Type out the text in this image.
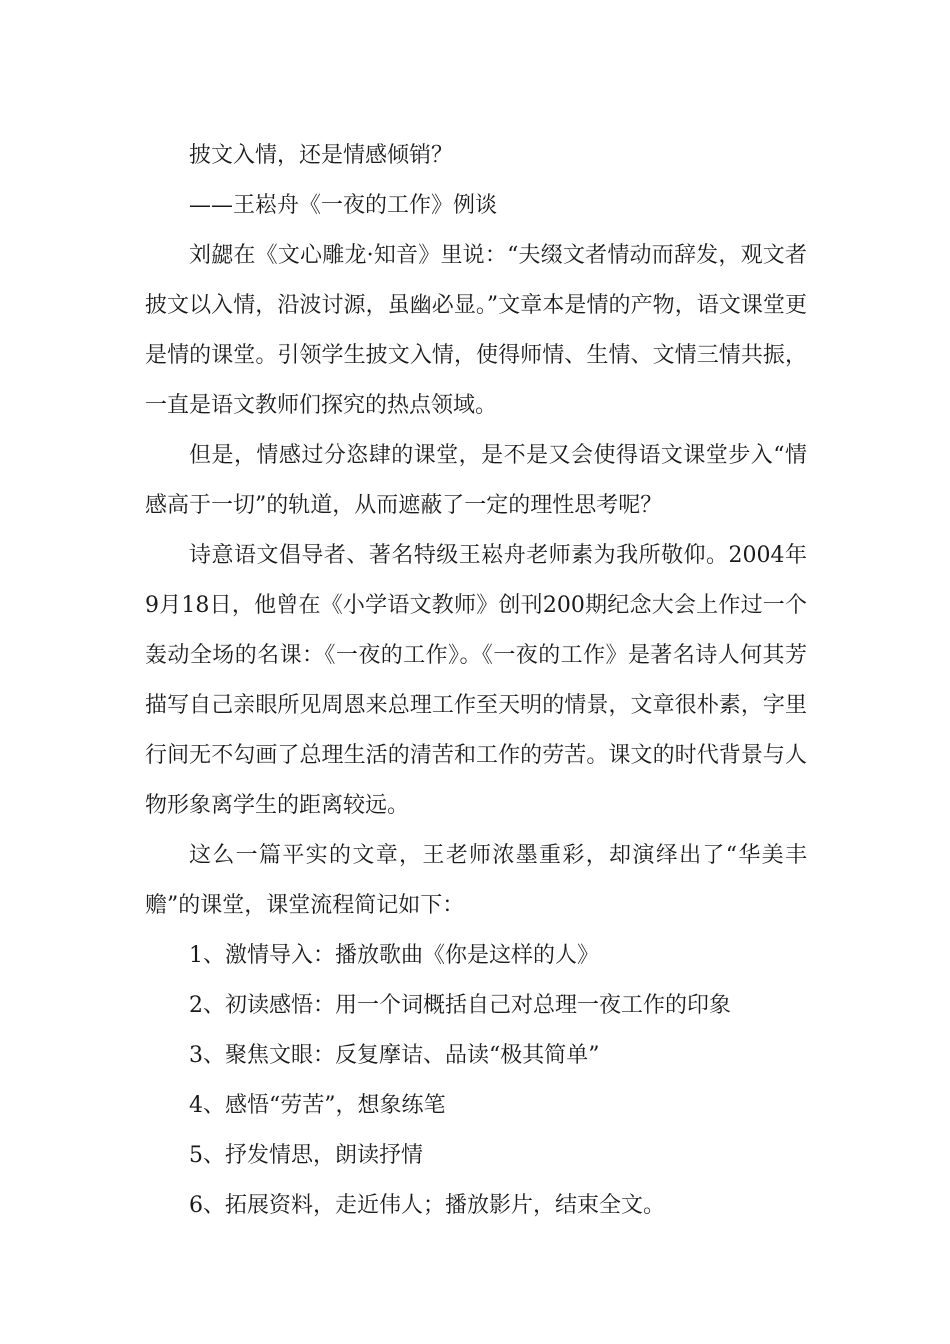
披文入情，还是情感倾销？

——王崧舟《一夜的工作》例谈

刘勰在《文心雕龙·知音》里说：“夫缀文者情动而辞发，观文者披文以入情，沿波讨源，虽幽必显。”文章本是情的产物，语文课堂更是情的课堂。引领学生披文入情，使得师情、生情、文情三情共振，一直是语文教师们探究的热点领域。

但是，情感过分恣肆的课堂，是不是又会使得语文课堂步入“情感高于一切”的轨道，从而遮蔽了一定的理性思考呢？

诗意语文倡导者、著名特级王崧舟老师素为我所敬仰。2004年9月18日，他曾在《小学语文教师》创刊200期纪念大会上作过一个轰动全场的名课：《一夜的工作》。《一夜的工作》是著名诗人何其芳描写自己亲眼所见周恩来总理工作至天明的情景，文章很朴素，字里行间无不勾画了总理生活的清苦和工作的劳苦。课文的时代背景与人物形象离学生的距离较远。

这么一篇平实的文章，王老师浓墨重彩，却演绎出了“华美丰赡”的课堂，课堂流程简记如下：

1、激情导入：播放歌曲《你是这样的人》

2、初读感悟：用一个词概括自己对总理一夜工作的印象

3、聚焦文眼：反复摩诘、品读“极其简单”

4、感悟“劳苦”，想象练笔

5、抒发情思，朗读抒情

6、拓展资料，走近伟人；播放影片，结束全文。
